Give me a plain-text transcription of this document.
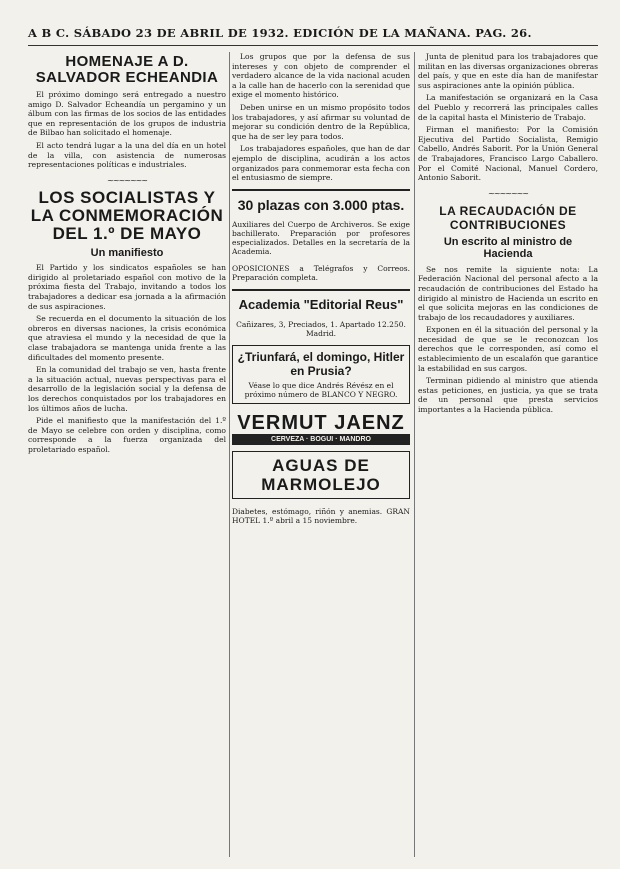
A B C. SÁBADO 23 DE ABRIL DE 1932. EDICIÓN DE LA MAÑANA. PAG. 26.
HOMENAJE A D. SALVADOR ECHEANDIA

El próximo domingo será entregado a nuestro amigo D. Salvador Echeandía un pergamino y un álbum con las firmas de los socios de las entidades que en representación de los grupos de industria de Bilbao han solicitado el homenaje.

El acto tendrá lugar a la una del día en un hotel de la villa, con asistencia de numerosas representaciones políticas e industriales.

~~~~~~~
LOS SOCIALISTAS Y LA CONMEMORACIÓN DEL 1.º DE MAYO
Un manifiesto

El Partido y los sindicatos españoles se han dirigido al proletariado español con motivo de la próxima fiesta del Trabajo, invitando a todos los trabajadores a dedicar esa jornada a la afirmación de sus aspiraciones.

Se recuerda en el documento la situación de los obreros en diversas naciones, la crisis económica que atraviesa el mundo y la necesidad de que la clase trabajadora se mantenga unida frente a las dificultades del momento presente.

En la comunidad del trabajo se ven, hasta frente a la situación actual, nuevas perspectivas para el desarrollo de la legislación social y la defensa de los derechos conquistados por los trabajadores en los últimos años de lucha.

Pide el manifiesto que la manifestación del 1.º de Mayo se celebre con orden y disciplina, como corresponde a la fuerza organizada del proletariado español.

Los grupos que por la defensa de sus intereses y con objeto de comprender el verdadero alcance de la vida nacional acuden a la calle han de hacerlo con la serenidad que exige el momento histórico.

Deben unirse en un mismo propósito todos los trabajadores, y así afirmar su voluntad de mejorar su condición dentro de la República, que ha de ser ley para todos.

Los trabajadores españoles, que han de dar ejemplo de disciplina, acudirán a los actos organizados para conmemorar esta fecha con el entusiasmo de siempre.

30 plazas con 3.000 ptas.

Auxiliares del Cuerpo de Archiveros. Se exige bachillerato. Preparación por profesores especializados. Detalles en la secretaría de la Academia.

OPOSICIONES a Telégrafos y Correos. Preparación completa.

Academia "Editorial Reus"

Cañizares, 3, Preciados, 1. Apartado 12.250. Madrid.

¿Triunfará, el domingo, Hitler en Prusia?

Véase lo que dice Andrés Révész en el próximo número de BLANCO Y NEGRO.

VERMUT JAENZ
CERVEZA · BOGUI · MANDRO
AGUAS DE MARMOLEJO

Diabetes, estómago, riñón y anemias. GRAN HOTEL 1.º abril a 15 noviembre.

Junta de plenitud para los trabajadores que militan en las diversas organizaciones obreras del país, y que en este día han de manifestar sus aspiraciones ante la opinión pública.

La manifestación se organizará en la Casa del Pueblo y recorrerá las principales calles de la capital hasta el Ministerio de Trabajo.

Firman el manifiesto: Por la Comisión Ejecutiva del Partido Socialista, Remigio Cabello, Andrés Saborit. Por la Unión General de Trabajadores, Francisco Largo Caballero. Por el Comité Nacional, Manuel Cordero, Antonio Saborit.

~~~~~~~
LA RECAUDACIÓN DE CONTRIBUCIONES
Un escrito al ministro de Hacienda

Se nos remite la siguiente nota: La Federación Nacional del personal afecto a la recaudación de contribuciones del Estado ha dirigido al ministro de Hacienda un escrito en el que solicita mejoras en las condiciones de trabajo de los recaudadores y auxiliares.

Exponen en él la situación del personal y la necesidad de que se le reconozcan los derechos que le corresponden, así como el establecimiento de un escalafón que garantice la estabilidad en sus cargos.

Terminan pidiendo al ministro que atienda estas peticiones, en justicia, ya que se trata de un personal que presta servicios importantes a la Hacienda pública.
